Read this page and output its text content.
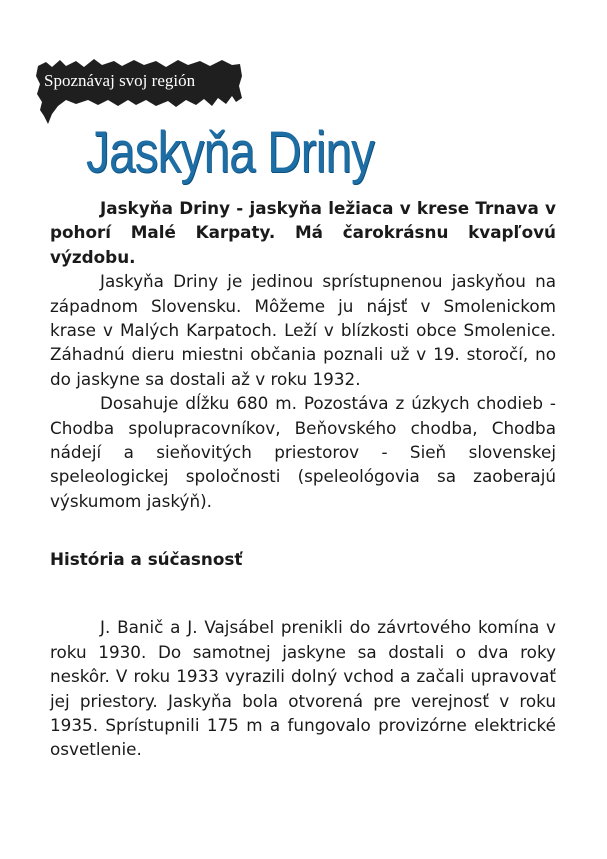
Spoznávaj svoj región
Jaskyňa Driny

Jaskyňa Driny - jaskyňa ležiaca v krese Trnava v pohorí Malé Karpaty. Má čarokrásnu kvapľovú výzdobu.

Jaskyňa Driny je jedinou sprístupnenou jaskyňou na západnom Slovensku. Môžeme ju nájsť v Smolenickom krase v Malých Karpatoch. Leží v blízkosti obce Smolenice. Záhadnú dieru miestni občania poznali už v 19. storočí, no do jaskyne sa dostali až v roku 1932.

Dosahuje dĺžku 680 m. Pozostáva z úzkych chodieb - Chodba spolupracovníkov, Beňovského chodba, Chodba nádejí a sieňovitých priestorov - Sieň slovenskej speleologickej spoločnosti (speleológovia sa zaoberajú výskumom jaskýň).

História a súčasnosť

J. Banič a J. Vajsábel prenikli do závrtového komína v roku 1930. Do samotnej jaskyne sa dostali o dva roky neskôr. V roku 1933 vyrazili dolný vchod a začali upravovať jej priestory. Jaskyňa bola otvorená pre verejnosť v roku 1935. Sprístupnili 175 m a fungovalo provizórne elektrické osvetlenie.
